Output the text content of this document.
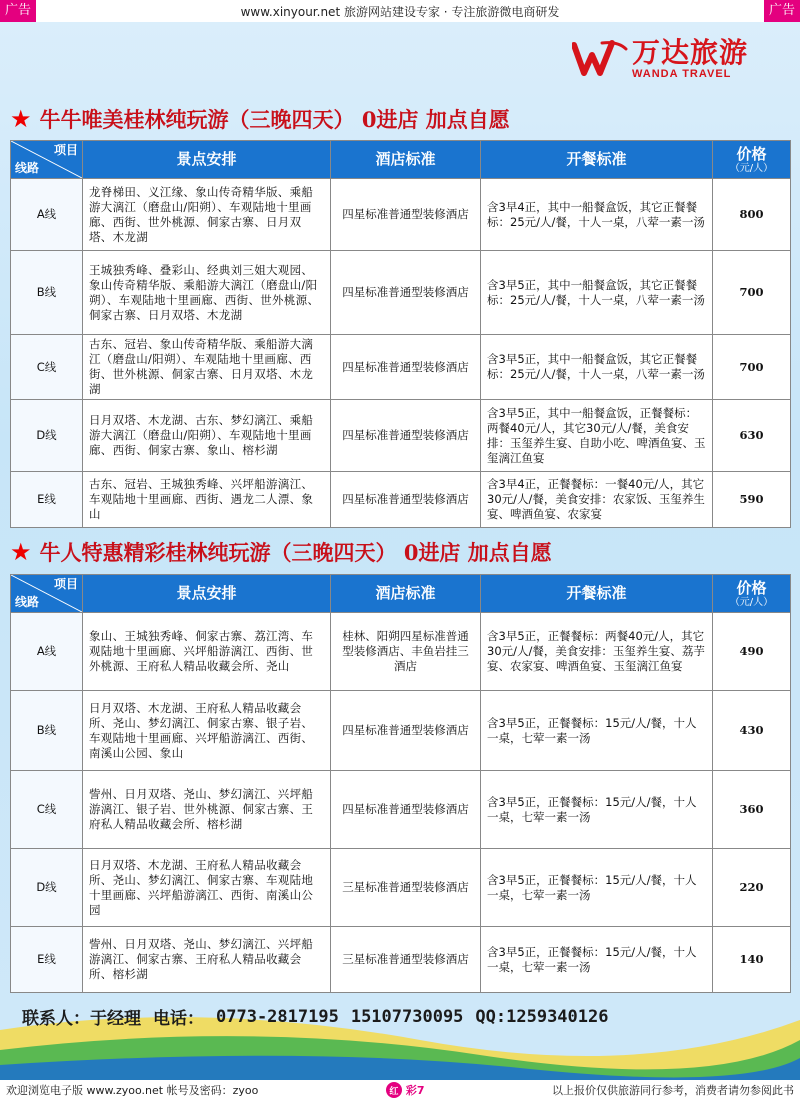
www.xinyour.net 旅游网站建设专家 · 专注旅游微电商研发
广告	广告
万达旅游
WANDA TRAVEL
★ 牛牛唯美桂林纯玩游（三晚四天） 0进店 加点自愿
项目
线路	景点安排	酒店标准	开餐标准	价格
（元/人）

A线	龙脊梯田、义江缘、象山传奇精华版、乘船游大漓江（磨盘山/阳朔）、车观陆地十里画廊、西街、世外桃源、侗家古寨、日月双塔、木龙湖	四星标准普通型装修酒店	含3早4正，其中一船餐盒饭，其它正餐餐标：25元/人/餐，十人一桌，八荤一素一汤	800
B线	王城独秀峰、叠彩山、经典刘三姐大观园、象山传奇精华版、乘船游大漓江（磨盘山/阳朔）、车观陆地十里画廊、西街、世外桃源、侗家古寨、日月双塔、木龙湖	四星标准普通型装修酒店	含3早5正，其中一船餐盒饭，其它正餐餐标：25元/人/餐，十人一桌，八荤一素一汤	700
C线	古东、冠岩、象山传奇精华版、乘船游大漓江（磨盘山/阳朔）、车观陆地十里画廊、西街、世外桃源、侗家古寨、日月双塔、木龙湖	四星标准普通型装修酒店	含3早5正，其中一船餐盒饭，其它正餐餐标：25元/人/餐，十人一桌，八荤一素一汤	700
D线	日月双塔、木龙湖、古东、梦幻漓江、乘船游大漓江（磨盘山/阳朔）、车观陆地十里画廊、西街、侗家古寨、象山、榕杉湖	四星标准普通型装修酒店	含3早5正，其中一船餐盒饭，正餐餐标：两餐40元/人，其它30元/人/餐，美食安排：玉玺养生宴、自助小吃、啤酒鱼宴、玉玺漓江鱼宴	630
E线	古东、冠岩、王城独秀峰、兴坪船游漓江、车观陆地十里画廊、西街、遇龙二人漂、象山	四星标准普通型装修酒店	含3早4正，正餐餐标：一餐40元/人，其它30元/人/餐，美食安排：农家饭、玉玺养生宴、啤酒鱼宴、农家宴	590
★ 牛人特惠精彩桂林纯玩游（三晚四天） 0进店 加点自愿
项目
线路	景点安排	酒店标准	开餐标准	价格
（元/人）

A线	象山、王城独秀峰、侗家古寨、荔江湾、车观陆地十里画廊、兴坪船游漓江、西街、世外桃源、王府私人精品收藏会所、尧山	桂林、阳朔四星标准普通型装修酒店、丰鱼岩挂三酒店	含3早5正，正餐餐标：两餐40元/人，其它30元/人/餐，美食安排：玉玺养生宴、荔芋宴、农家宴、啤酒鱼宴、玉玺漓江鱼宴	490
B线	日月双塔、木龙湖、王府私人精品收藏会所、尧山、梦幻漓江、侗家古寨、银子岩、车观陆地十里画廊、兴坪船游漓江、西街、南溪山公园、象山	四星标准普通型装修酒店	含3早5正，正餐餐标：15元/人/餐，十人一桌，七荤一素一汤	430
C线	訾州、日月双塔、尧山、梦幻漓江、兴坪船游漓江、银子岩、世外桃源、侗家古寨、王府私人精品收藏会所、榕杉湖	四星标准普通型装修酒店	含3早5正，正餐餐标：15元/人/餐，十人一桌，七荤一素一汤	360
D线	日月双塔、木龙湖、王府私人精品收藏会所、尧山、梦幻漓江、侗家古寨、车观陆地十里画廊、兴坪船游漓江、西街、南溪山公园	三星标准普通型装修酒店	含3早5正，正餐餐标：15元/人/餐，十人一桌，七荤一素一汤	220
E线	訾州、日月双塔、尧山、梦幻漓江、兴坪船游漓江、侗家古寨、王府私人精品收藏会所、榕杉湖	三星标准普通型装修酒店	含3早5正，正餐餐标：15元/人/餐，十人一桌，七荤一素一汤	140
联系人：于经理 电话： 0773-2817195 15107730095 QQ:1259340126
欢迎浏览电子版 www.zyoo.net 帐号及密码：zyoo	红 彩7	以上报价仅供旅游同行参考，消费者请勿参阅此书
